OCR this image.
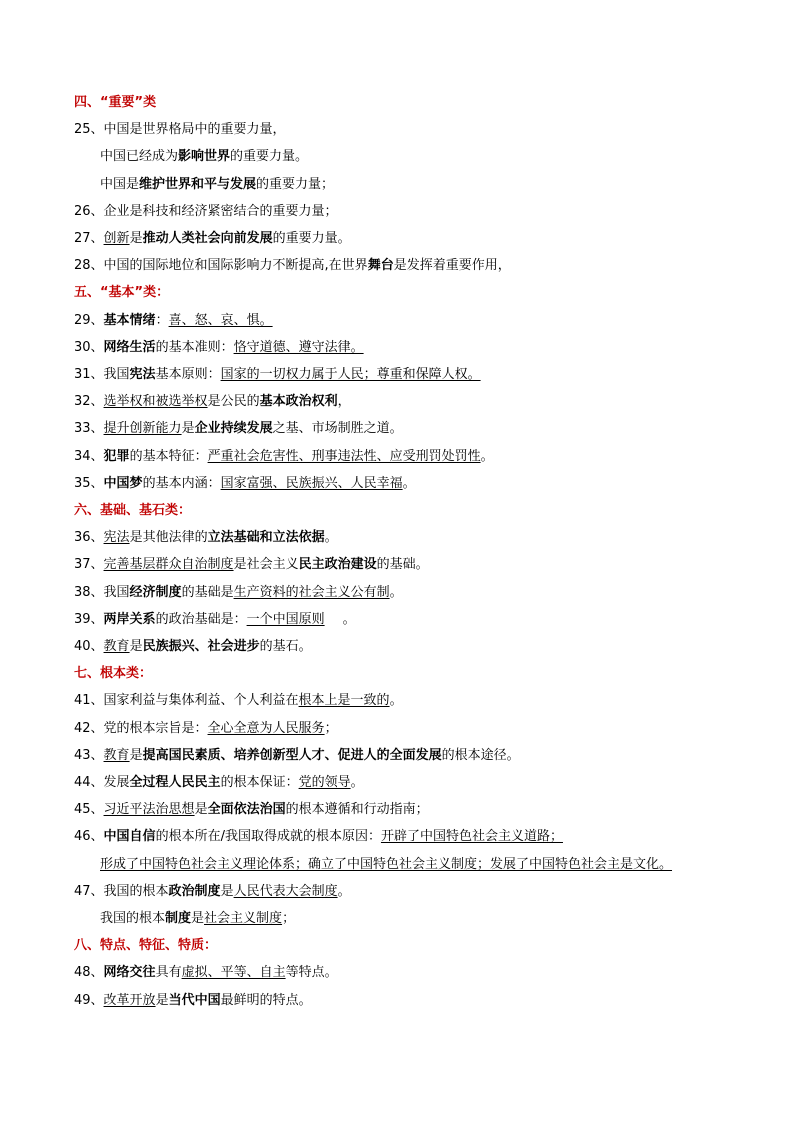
四、“重要”类
25、中国是世界格局中的重要力量，
中国已经成为影响世界的重要力量。
中国是维护世界和平与发展的重要力量；
26、企业是科技和经济紧密结合的重要力量；
27、创新是推动人类社会向前发展的重要力量。
28、中国的国际地位和国际影响力不断提高,在世界舞台是发挥着重要作用，
五、“基本”类：
29、基本情绪：喜、怒、哀、惧。
30、网络生活的基本准则：恪守道德、遵守法律。
31、我国宪法基本原则：国家的一切权力属于人民；尊重和保障人权。
32、选举权和被选举权是公民的基本政治权利，
33、提升创新能力是企业持续发展之基、市场制胜之道。
34、犯罪的基本特征：严重社会危害性、刑事违法性、应受刑罚处罚性。
35、中国梦的基本内涵：国家富强、民族振兴、人民幸福。
六、基础、基石类：
36、宪法是其他法律的立法基础和立法依据。
37、完善基层群众自治制度是社会主义民主政治建设的基础。
38、我国经济制度的基础是生产资料的社会主义公有制。
39、两岸关系的政治基础是：一个中国原则 。
40、教育是民族振兴、社会进步的基石。
七、根本类：
41、国家利益与集体利益、个人利益在根本上是一致的。
42、党的根本宗旨是：全心全意为人民服务；
43、教育是提高国民素质、培养创新型人才、促进人的全面发展的根本途径。
44、发展全过程人民民主的根本保证：党的领导。
45、习近平法治思想是全面依法治国的根本遵循和行动指南；
46、中国自信的根本所在/我国取得成就的根本原因：开辟了中国特色社会主义道路；
形成了中国特色社会主义理论体系；确立了中国特色社会主义制度；发展了中国特色社会主是文化。
47、我国的根本政治制度是人民代表大会制度。
我国的根本制度是社会主义制度；
八、特点、特征、特质：
48、网络交往具有虚拟、平等、自主等特点。
49、改革开放是当代中国最鲜明的特点。
